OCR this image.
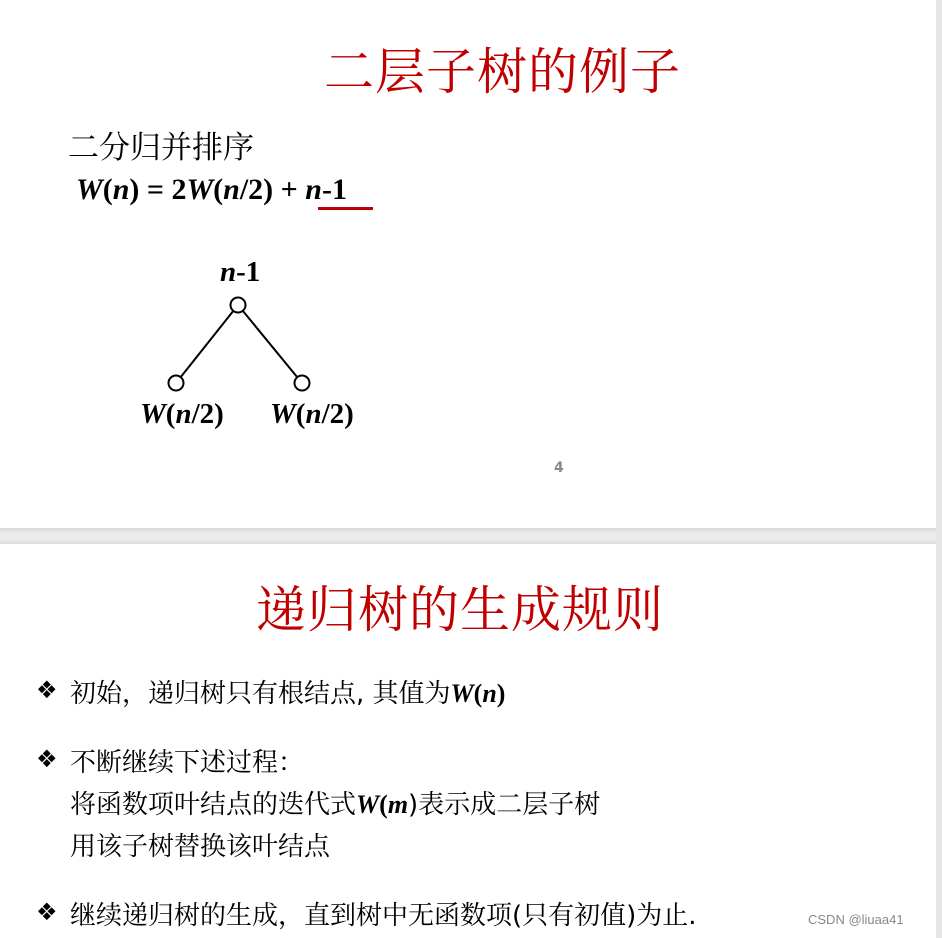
二层子树的例子
二分归并排序
W(n) = 2W(n/2) + n-1
n-1
W(n/2) W(n/2)
4
递归树的生成规则
❖ 初始，递归树只有根结点, 其值为W(n)
❖ 不断继续下述过程：
将函数项叶结点的迭代式W(m)表示成二层子树
用该子树替换该叶结点
❖ 继续递归树的生成，直到树中无函数项(只有初值)为止.	CSDN @liuaa41
